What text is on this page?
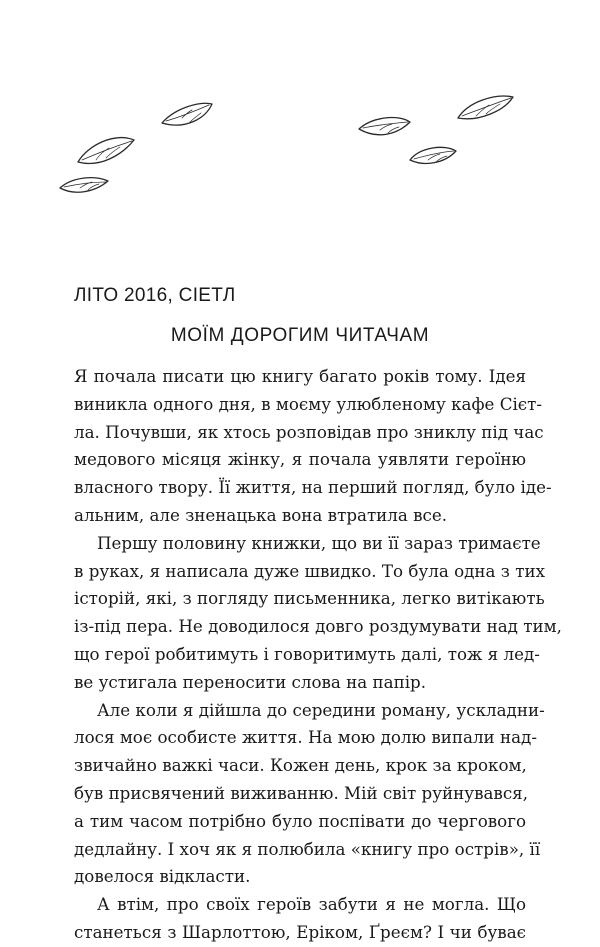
ЛІТО 2016, СІЕТЛ

МОЇМ ДОРОГИМ ЧИТАЧАМ
Я почала писати цю книгу багато років тому. Ідея
виникла одного дня, в моєму улюбленому кафе Сієт-
ла. Почувши, як хтось розповідав про зниклу під час
медового місяця жінку, я почала уявляти героїню
власного твору. Її життя, на перший погляд, було іде-
альним, але зненацька вона втратила все.
Першу половину книжки, що ви її зараз тримаєте
в руках, я написала дуже швидко. То була одна з тих
історій, які, з погляду письменника, легко витікають
із-під пера. Не доводилося довго роздумувати над тим,
що герої робитимуть і говоритимуть далі, тож я лед-
ве устигала переносити слова на папір.
Але коли я дійшла до середини роману, ускладни-
лося моє особисте життя. На мою долю випали над-
звичайно важкі часи. Кожен день, крок за кроком,
був присвячений виживанню. Мій світ руйнувався,
а тим часом потрібно було поспівати до чергового
дедлайну. І хоч як я полюбила «книгу про острів», її
довелося відкласти.
А втім, про своїх героїв забути я не могла. Що
станеться з Шарлоттою, Еріком, Ґреєм? І чи буває
